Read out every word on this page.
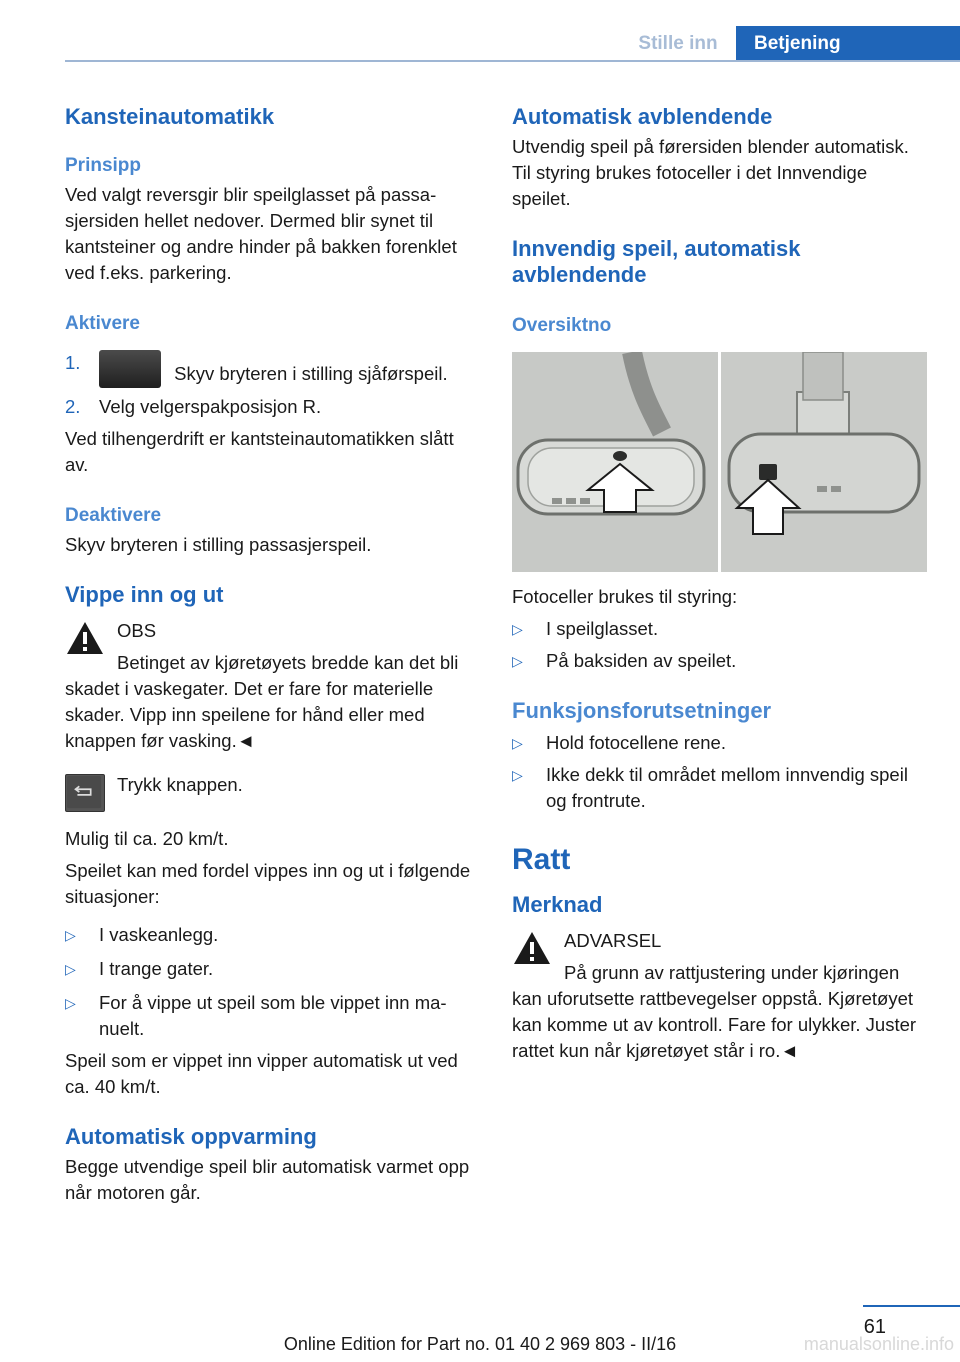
Stille inn	Betjening
Kansteinautomatikk
Prinsipp
Ved valgt reversgir blir speilglasset på passasjersiden hellet nedover. Dermed blir synet til kantsteiner og andre hinder på bakken forenklet ved f.eks. parkering.
Aktivere
1.
Skyv bryteren i stilling sjåførspeil.
2.	Velg velgerspakposisjon R.
Ved tilhengerdrift er kantsteinautomatikken slått av.
Deaktivere
Skyv bryteren i stilling passasjerspeil.
Vippe inn og ut
OBS
Betinget av kjøretøyets bredde kan det bli skadet i vaskegater. Det er fare for materielle skader. Vipp inn speilene for hånd eller med knappen før vasking.◄
Trykk knappen.
Mulig til ca. 20 km/t.
Speilet kan med fordel vippes inn og ut i følgende situasjoner:
▷	I vaskeanlegg.
▷	I trange gater.
▷	For å vippe ut speil som ble vippet inn manuelt.
Speil som er vippet inn vipper automatisk ut ved ca. 40 km/t.
Automatisk oppvarming
Begge utvendige speil blir automatisk varmet opp når motoren går.
Automatisk avblendende
Utvendig speil på førersiden blender automatisk. Til styring brukes fotoceller i det Innvendige speilet.
Innvendig speil, automatisk avblendende
Oversiktno
Fotoceller brukes til styring:
▷	I speilglasset.
▷	På baksiden av speilet.
Funksjonsforutsetninger
▷	Hold fotocellene rene.
▷	Ikke dekk til området mellom innvendig speil og frontrute.
Ratt
Merknad
ADVARSEL
På grunn av rattjustering under kjøringen kan uforutsette rattbevegelser oppstå. Kjøretøyet kan komme ut av kontroll. Fare for ulykker. Juster rattet kun når kjøretøyet står i ro.◄
61
Online Edition for Part no. 01 40 2 969 803 - II/16	manualsonline.info
